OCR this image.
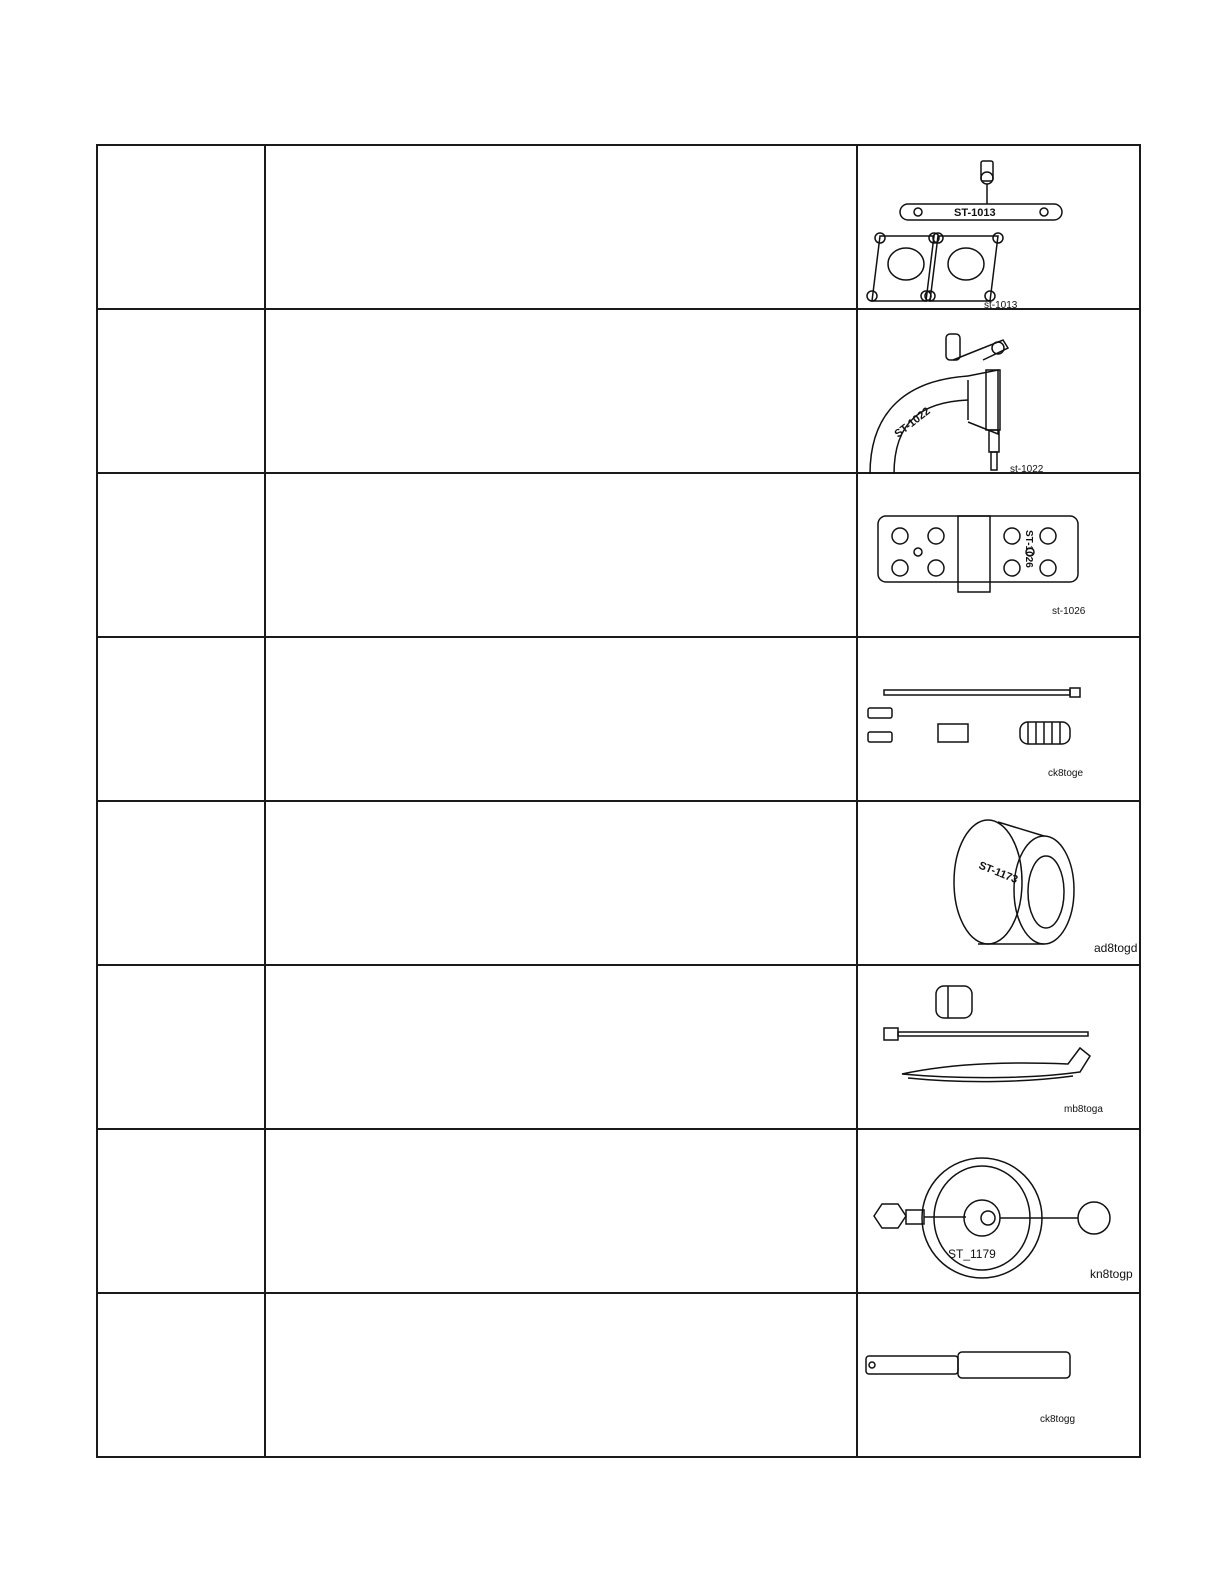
ST-1013
st-1013

ST-1022
st-1022

ST-1026
st-1026

ck8toge

ST-1173
ad8togd

mb8toga

ST_1179
kn8togp

ck8togg
